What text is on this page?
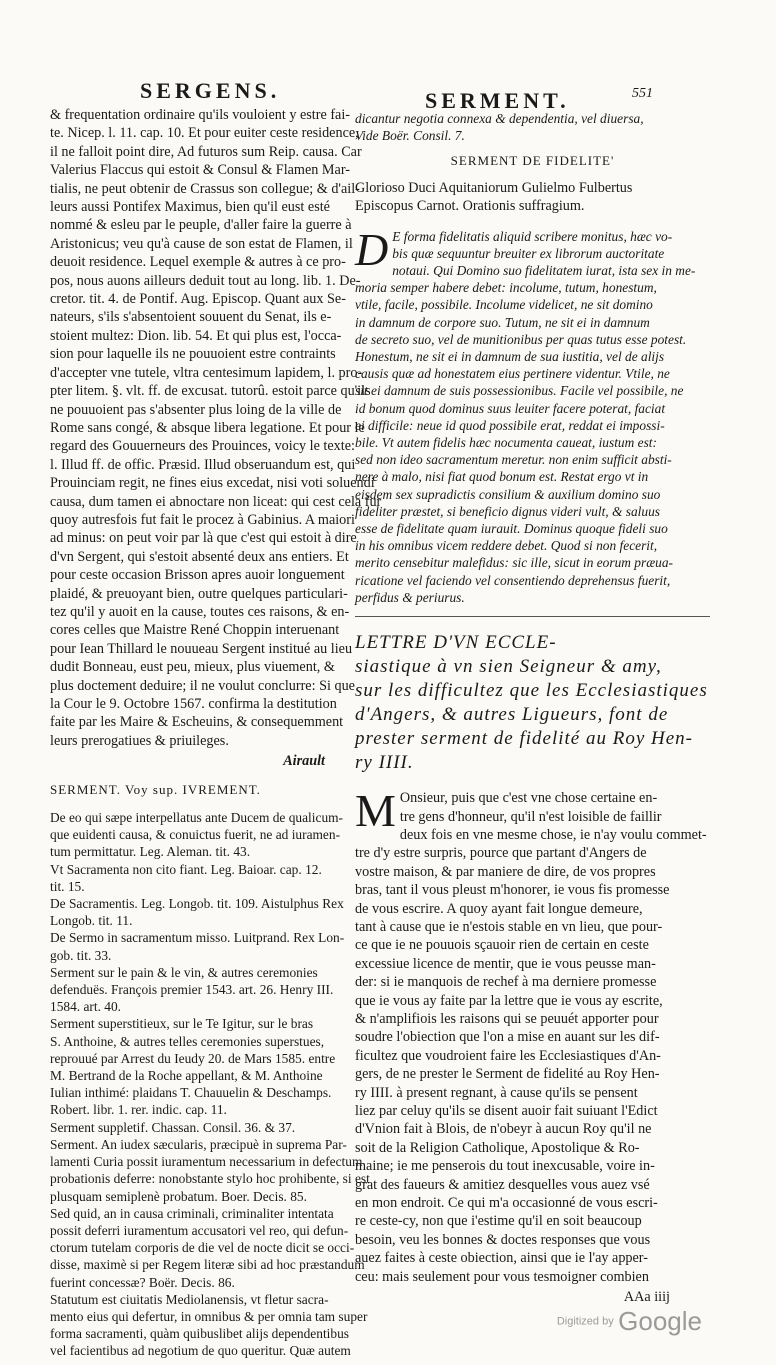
SERGENS.	SERMENT.	551
& frequentation ordinaire qu'ils vouloient y estre fai-
te. Nicep. l. 11. cap. 10. Et pour euiter ceste residence,
il ne falloit point dire, Ad futuros sum Reip. causa. Car
Valerius Flaccus qui estoit & Consul & Flamen Mar-
tialis, ne peut obtenir de Crassus son collegue; & d'ail-
leurs aussi Pontifex Maximus, bien qu'il eust esté
nommé & esleu par le peuple, d'aller faire la guerre à
Aristonicus; veu qu'à cause de son estat de Flamen, il
deuoit residence. Lequel exemple & autres à ce pro-
pos, nous auons ailleurs deduit tout au long. lib. 1. De-
cretor. tit. 4. de Pontif. Aug. Episcop. Quant aux Se-
nateurs, s'ils s'absentoient souuent du Senat, ils e-
stoient multez: Dion. lib. 54. Et qui plus est, l'occa-
sion pour laquelle ils ne pouuoient estre contraints
d'accepter vne tutele, vltra centesimum lapidem, l. pro-
pter litem. §. vlt. ff. de excusat. tutorû. estoit parce qu'ils
ne pouuoient pas s'absenter plus loing de la ville de
Rome sans congé, & absque libera legatione. Et pour le
regard des Gouuerneurs des Prouinces, voicy le texte:
l. Illud ff. de offic. Præsid. Illud obseruandum est, qui
Prouinciam regit, ne fines eius excedat, nisi voti soluendi
causa, dum tamen ei abnoctare non liceat: qui cest cela fur
quoy autresfois fut fait le procez à Gabinius. A maiori
ad minus: on peut voir par là que c'est qui estoit à dire
d'vn Sergent, qui s'estoit absenté deux ans entiers. Et
pour ceste occasion Brisson apres auoir longuement
plaidé, & preuoyant bien, outre quelques particulari-
tez qu'il y auoit en la cause, toutes ces raisons, & en-
cores celles que Maistre René Choppin interuenant
pour Iean Thillard le nouueau Sergent institué au lieu
dudit Bonneau, eust peu, mieux, plus viuement, &
plus doctement deduire; il ne voulut conclurre: Si que
la Cour le 9. Octobre 1567. confirma la destitution
faite par les Maire & Escheuins, & consequemment
leurs prerogatiues & priuileges.
Airault
SERMENT. Voy sup. IVREMENT.
De eo qui sæpe interpellatus ante Ducem de qualicum-
que euidenti causa, & conuictus fuerit, ne ad iuramen-
tum permittatur. Leg. Aleman. tit. 43.
Vt Sacramenta non cito fiant. Leg. Baioar. cap. 12.
tit. 15.
De Sacramentis. Leg. Longob. tit. 109. Aistulphus Rex
Longob. tit. 11.
De Sermo in sacramentum misso. Luitprand. Rex Lon-
gob. tit. 33.
Serment sur le pain & le vin, & autres ceremonies
defenduës. François premier 1543. art. 26. Henry III.
1584. art. 40.
Serment superstitieux, sur le Te Igitur, sur le bras
S. Anthoine, & autres telles ceremonies superstues,
reprouué par Arrest du Ieudy 20. de Mars 1585. entre
M. Bertrand de la Roche appellant, & M. Anthoine
Iulian inthimé: plaidans T. Chauuelin & Deschamps.
Robert. libr. 1. rer. indic. cap. 11.
Serment suppletif. Chassan. Consil. 36. & 37.
Serment. An iudex sæcularis, præcipuè in suprema Par-
lamenti Curia possit iuramentum necessarium in defectum
probationis deferre: nonobstante stylo hoc prohibente, si est
plusquam semiplenè probatum. Boer. Decis. 85.
Sed quid, an in causa criminali, criminaliter intentata
possit deferri iuramentum accusatori vel reo, qui defun-
ctorum tutelam corporis de die vel de nocte dicit se occi-
disse, maximè si per Regem literæ sibi ad hoc præstandum
fuerint concessæ? Boër. Decis. 86.
Statutum est ciuitatis Mediolanensis, vt fletur sacra-
mento eius qui defertur, in omnibus & per omnia tam super
forma sacramenti, quàm quibuslibet alijs dependentibus
vel facientibus ad negotium de quo queritur. Quæ autem
dicantur negotia connexa & dependentia, vel diuersa,
Vide Boër. Consil. 7.
SERMENT DE FIDELITE'
Glorioso Duci Aquitaniorum Gulielmo Fulbertus
Episcopus Carnot. Orationis suffragium.
D E forma fidelitatis aliquid scribere monitus, hæc vo-
bis quæ sequuntur breuiter ex librorum auctoritate
notaui. Qui Domino suo fidelitatem iurat, ista sex in me-
moria semper habere debet: incolume, tutum, honestum,
vtile, facile, possibile. Incolume videlicet, ne sit domino
in damnum de corpore suo. Tutum, ne sit ei in damnum
de secreto suo, vel de munitionibus per quas tutus esse potest.
Honestum, ne sit ei in damnum de sua iustitia, vel de alijs
causis quæ ad honestatem eius pertinere videntur. Vtile, ne
sit ei damnum de suis possessionibus. Facile vel possibile, ne
id bonum quod dominus suus leuiter facere poterat, faciat
ei difficile: neue id quod possibile erat, reddat ei impossi-
bile. Vt autem fidelis hæc nocumenta caueat, iustum est:
sed non ideo sacramentum meretur. non enim sufficit absti-
nere à malo, nisi fiat quod bonum est. Restat ergo vt in
eisdem sex supradictis consilium & auxilium domino suo
fideliter præstet, si beneficio dignus videri vult, & saluus
esse de fidelitate quam iurauit. Dominus quoque fideli suo
in his omnibus vicem reddere debet. Quod si non fecerit,
merito censebitur malefidus: sic ille, sicut in eorum præua-
ricatione vel faciendo vel consentiendo deprehensus fuerit,
perfidus & periurus.
LETTRE D'VN ECCLE-
siastique à vn sien Seigneur & amy,
sur les difficultez que les Ecclesiastiques
d'Angers, & autres Ligueurs, font de
prester serment de fidelité au Roy Hen-
ry IIII.
M Onsieur, puis que c'est vne chose certaine en-
tre gens d'honneur, qu'il n'est loisible de faillir
deux fois en vne mesme chose, ie n'ay voulu commet-
tre d'y estre surpris, pource que partant d'Angers de
vostre maison, & par maniere de dire, de vos propres
bras, tant il vous pleust m'honorer, ie vous fis promesse
de vous escrire. A quoy ayant fait longue demeure,
tant à cause que ie n'estois stable en vn lieu, que pour-
ce que ie ne pouuois sçauoir rien de certain en ceste
excessiue licence de mentir, que ie vous peusse man-
der: si ie manquois de rechef à ma derniere promesse
que ie vous ay faite par la lettre que ie vous ay escrite,
& n'amplifiois les raisons qui se peuuét apporter pour
soudre l'obiection que l'on a mise en auant sur les dif-
ficultez que voudroient faire les Ecclesiastiques d'An-
gers, de ne prester le Serment de fidelité au Roy Hen-
ry IIII. à present regnant, à cause qu'ils se pensent
liez par celuy qu'ils se disent auoir fait suiuant l'Edict
d'Vnion fait à Blois, de n'obeyr à aucun Roy qu'il ne
soit de la Religion Catholique, Apostolique & Ro-
maine; ie me penserois du tout inexcusable, voire in-
grat des faueurs & amitiez desquelles vous auez vsé
en mon endroit. Ce qui m'a occasionné de vous escri-
re ceste-cy, non que i'estime qu'il en soit beaucoup
besoin, veu les bonnes & doctes responses que vous
auez faites à ceste obiection, ainsi que ie l'ay apper-
ceu: mais seulement pour vous tesmoigner combien
AAa iiij
Digitized by Google
